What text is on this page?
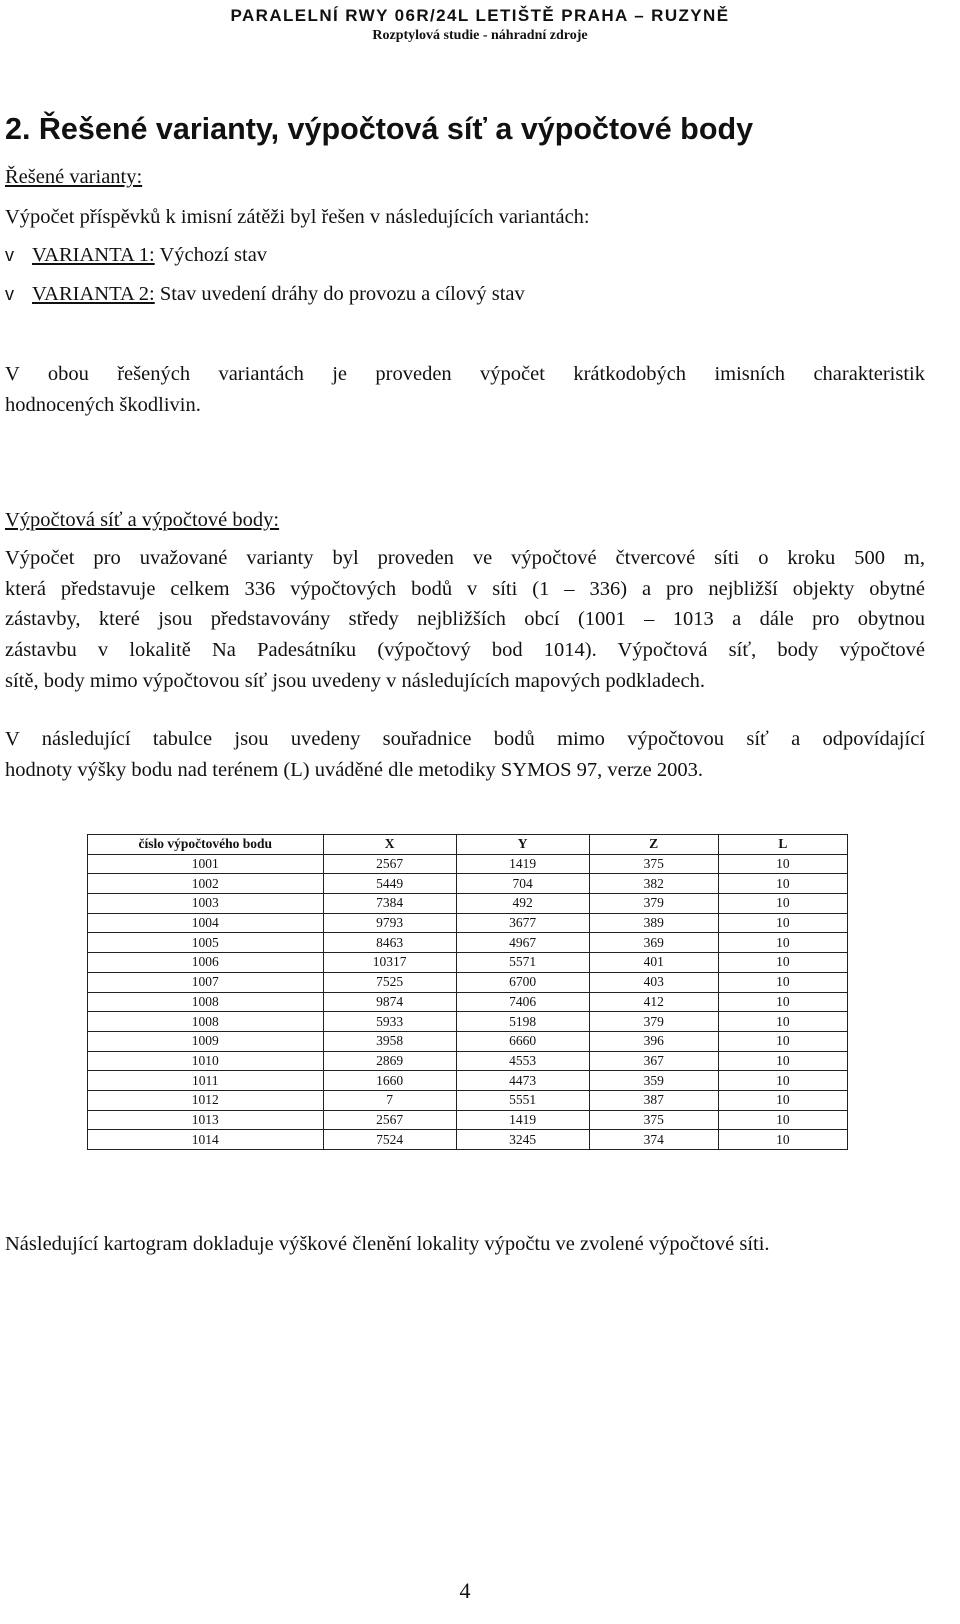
PARALELNÍ RWY 06R/24L LETIŠTĚ PRAHA – RUZYNĚ
Rozptylová studie - náhradní zdroje
2. Řešené varianty, výpočtová síť a výpočtové body
Řešené varianty:
Výpočet příspěvků k imisní zátěži byl řešen v následujících variantách:
v VARIANTA 1: Výchozí stav
v VARIANTA 2: Stav uvedení dráhy do provozu a cílový stav
V obou řešených variantách je proveden výpočet krátkodobých imisních charakteristik
hodnocených škodlivin.
Výpočtová síť a výpočtové body:
Výpočet pro uvažované varianty byl proveden ve výpočtové čtvercové síti o kroku 500 m,
která představuje celkem 336 výpočtových bodů v síti (1 – 336) a pro nejbližší objekty obytné
zástavby, které jsou představovány středy nejbližších obcí (1001 – 1013 a dále pro obytnou
zástavbu v lokalitě Na Padesátníku (výpočtový bod 1014). Výpočtová síť, body výpočtové
sítě, body mimo výpočtovou síť jsou uvedeny v následujících mapových podkladech.
V následující tabulce jsou uvedeny souřadnice bodů mimo výpočtovou síť a odpovídající
hodnoty výšky bodu nad terénem (L) uváděné dle metodiky SYMOS 97, verze 2003.
číslo výpočtového bodu	X	Y	Z	L
1001	2567	1419	375	10
1002	5449	704	382	10
1003	7384	492	379	10
1004	9793	3677	389	10
1005	8463	4967	369	10
1006	10317	5571	401	10
1007	7525	6700	403	10
1008	9874	7406	412	10
1008	5933	5198	379	10
1009	3958	6660	396	10
1010	2869	4553	367	10
1011	1660	4473	359	10
1012	7	5551	387	10
1013	2567	1419	375	10
1014	7524	3245	374	10
Následující kartogram dokladuje výškové členění lokality výpočtu ve zvolené výpočtové síti.
4
